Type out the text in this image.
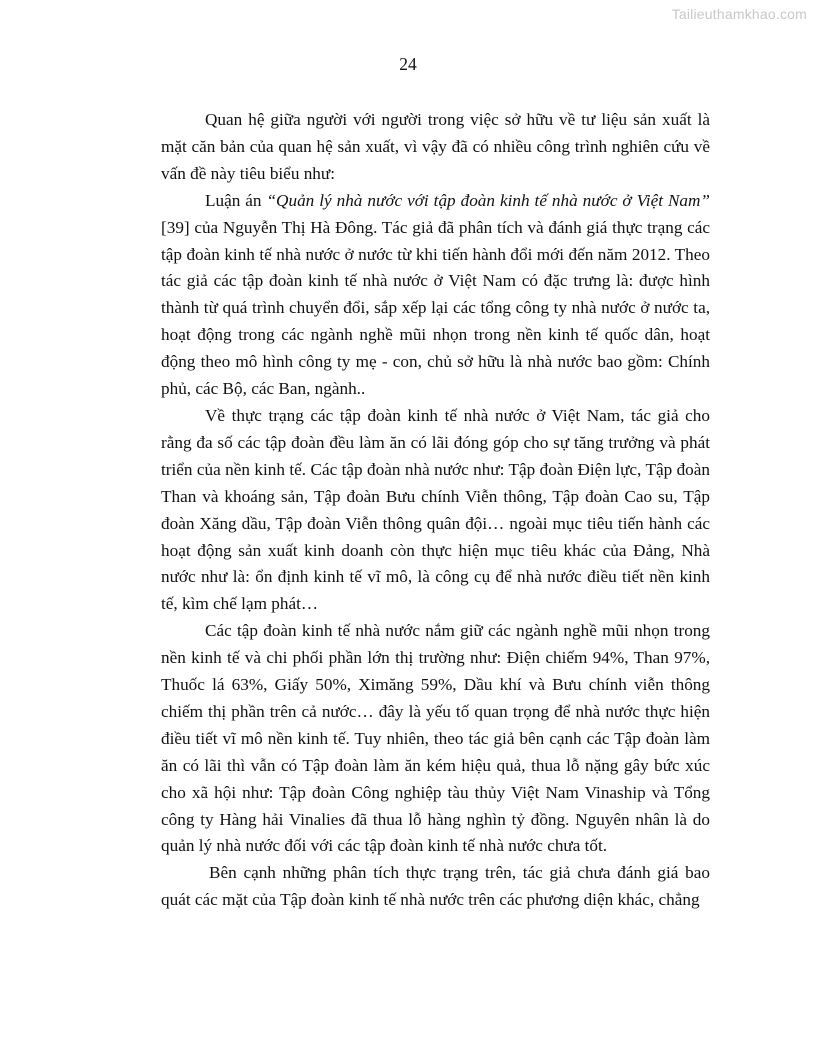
Tailieuthamkhao.com
24

Quan hệ giữa người với người trong việc sở hữu về tư liệu sản xuất là mặt căn bản của quan hệ sản xuất, vì vậy đã có nhiều công trình nghiên cứu về vấn đề này tiêu biểu như:

Luận án “Quản lý nhà nước với tập đoàn kinh tế nhà nước ở Việt Nam” [39] của Nguyễn Thị Hà Đông. Tác giả đã phân tích và đánh giá thực trạng các tập đoàn kinh tế nhà nước ở nước từ khi tiến hành đổi mới đến năm 2012. Theo tác giả các tập đoàn kinh tế nhà nước ở Việt Nam có đặc trưng là: được hình thành từ quá trình chuyển đổi, sắp xếp lại các tổng công ty nhà nước ở nước ta, hoạt động trong các ngành nghề mũi nhọn trong nền kinh tế quốc dân, hoạt động theo mô hình công ty mẹ - con, chủ sở hữu là nhà nước bao gồm: Chính phủ, các Bộ, các Ban, ngành..

Về thực trạng các tập đoàn kinh tế nhà nước ở Việt Nam, tác giả cho rằng đa số các tập đoàn đều làm ăn có lãi đóng góp cho sự tăng trưởng và phát triển của nền kinh tế. Các tập đoàn nhà nước như: Tập đoàn Điện lực, Tập đoàn Than và khoáng sản, Tập đoàn Bưu chính Viễn thông, Tập đoàn Cao su, Tập đoàn Xăng dầu, Tập đoàn Viễn thông quân đội… ngoài mục tiêu tiến hành các hoạt động sản xuất kinh doanh còn thực hiện mục tiêu khác của Đảng, Nhà nước như là: ổn định kinh tế vĩ mô, là công cụ để nhà nước điều tiết nền kinh tế, kìm chế lạm phát…

Các tập đoàn kinh tế nhà nước nắm giữ các ngành nghề mũi nhọn trong nền kinh tế và chi phối phần lớn thị trường như: Điện chiếm 94%, Than 97%, Thuốc lá 63%, Giấy 50%, Ximăng 59%, Dầu khí và Bưu chính viễn thông chiếm thị phần trên cả nước… đây là yếu tố quan trọng để nhà nước thực hiện điều tiết vĩ mô nền kinh tế. Tuy nhiên, theo tác giả bên cạnh các Tập đoàn làm ăn có lãi thì vẫn có Tập đoàn làm ăn kém hiệu quả, thua lỗ nặng gây bức xúc cho xã hội như: Tập đoàn Công nghiệp tàu thủy Việt Nam Vinaship và Tổng công ty Hàng hải Vinalies đã thua lỗ hàng nghìn tỷ đồng. Nguyên nhân là do quản lý nhà nước đối với các tập đoàn kinh tế nhà nước chưa tốt.

Bên cạnh những phân tích thực trạng trên, tác giả chưa đánh giá bao quát các mặt của Tập đoàn kinh tế nhà nước trên các phương diện khác, chẳng
